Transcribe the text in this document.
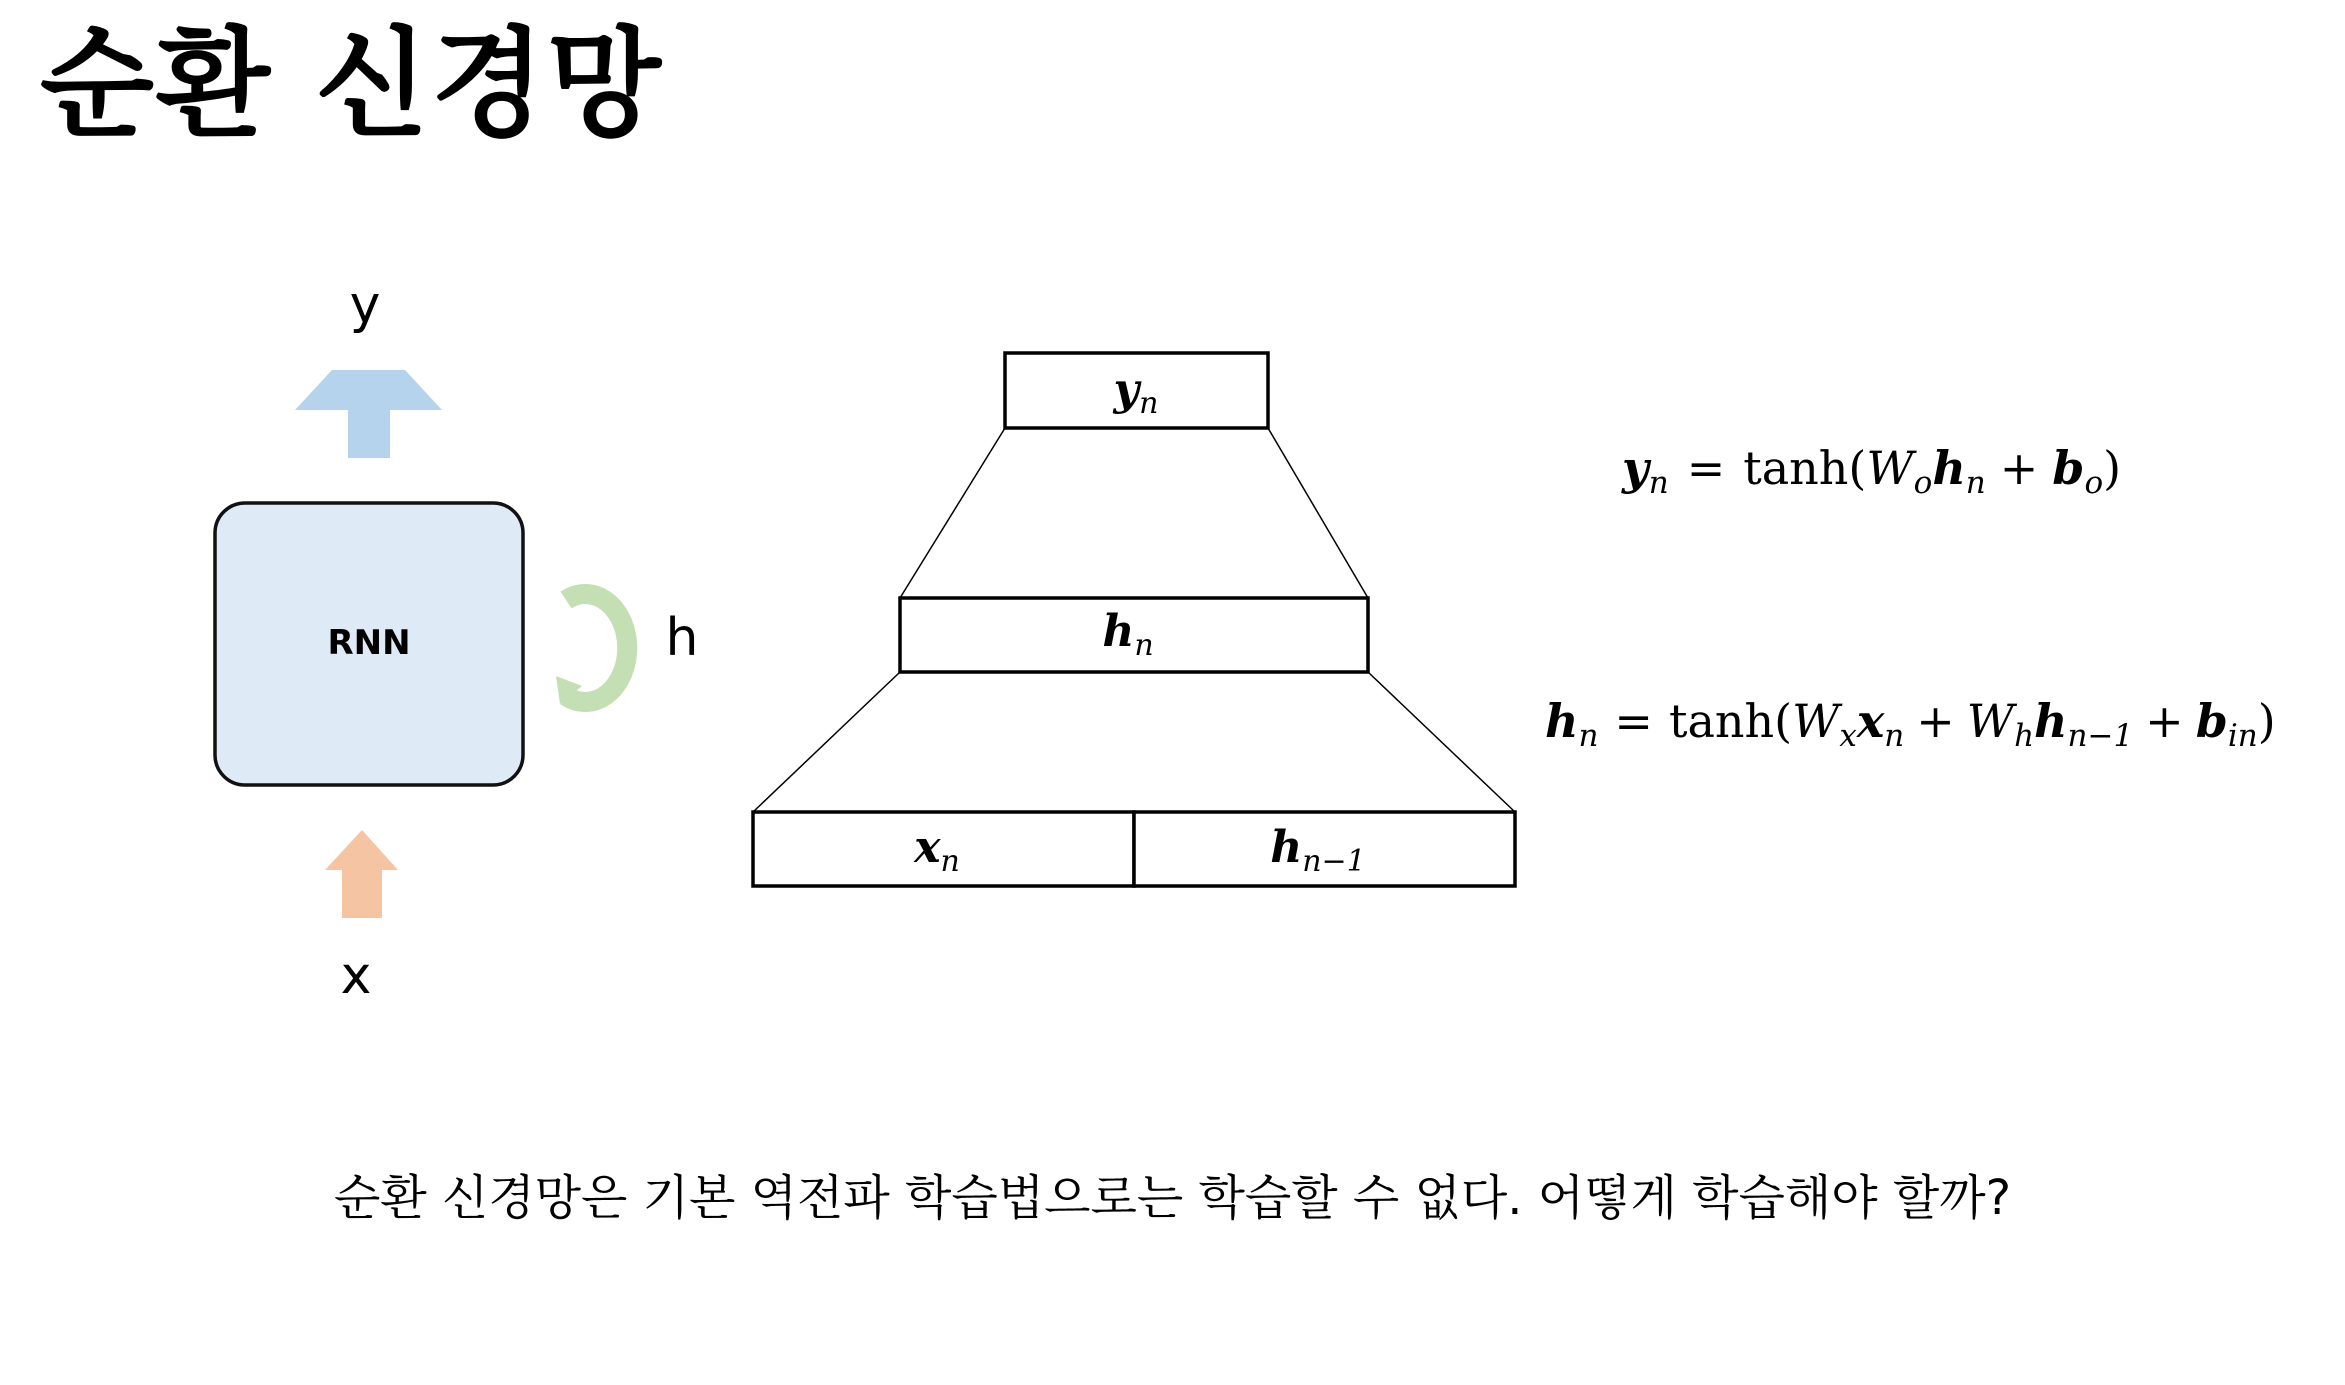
순환 신경망
y
RNN	h
x
$y_n$
$h_n$
$x_n$	$h_{n-1}$
yn = tanh(Wohn + bo)
hn = tanh(Wxxn + Whhn−1 + bin)
순환 신경망은 기본 역전파 학습법으로는 학습할 수 없다. 어떻게 학습해야 할까?
